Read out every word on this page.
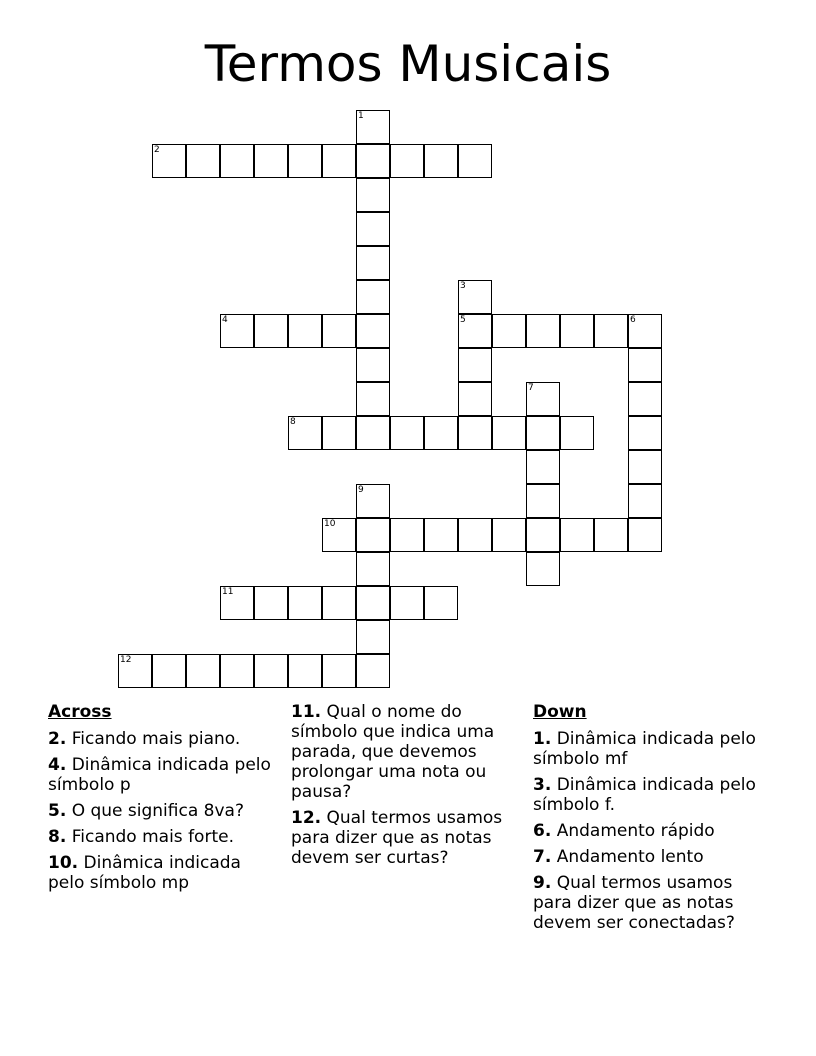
Termos Musicais
1
2
3
5
4	6
7
8
9
10
11
12
Across
2. Ficando mais piano.
4. Dinâmica indicada pelo símbolo p
5. O que significa 8va?
8. Ficando mais forte.
10. Dinâmica indicada pelo símbolo mp
11. Qual o nome do símbolo que indica uma parada, que devemos prolongar uma nota ou pausa?
12. Qual termos usamos para dizer que as notas devem ser curtas?
Down
1. Dinâmica indicada pelo símbolo mf
3. Dinâmica indicada pelo símbolo f.
6. Andamento rápido
7. Andamento lento
9. Qual termos usamos para dizer que as notas devem ser conectadas?
